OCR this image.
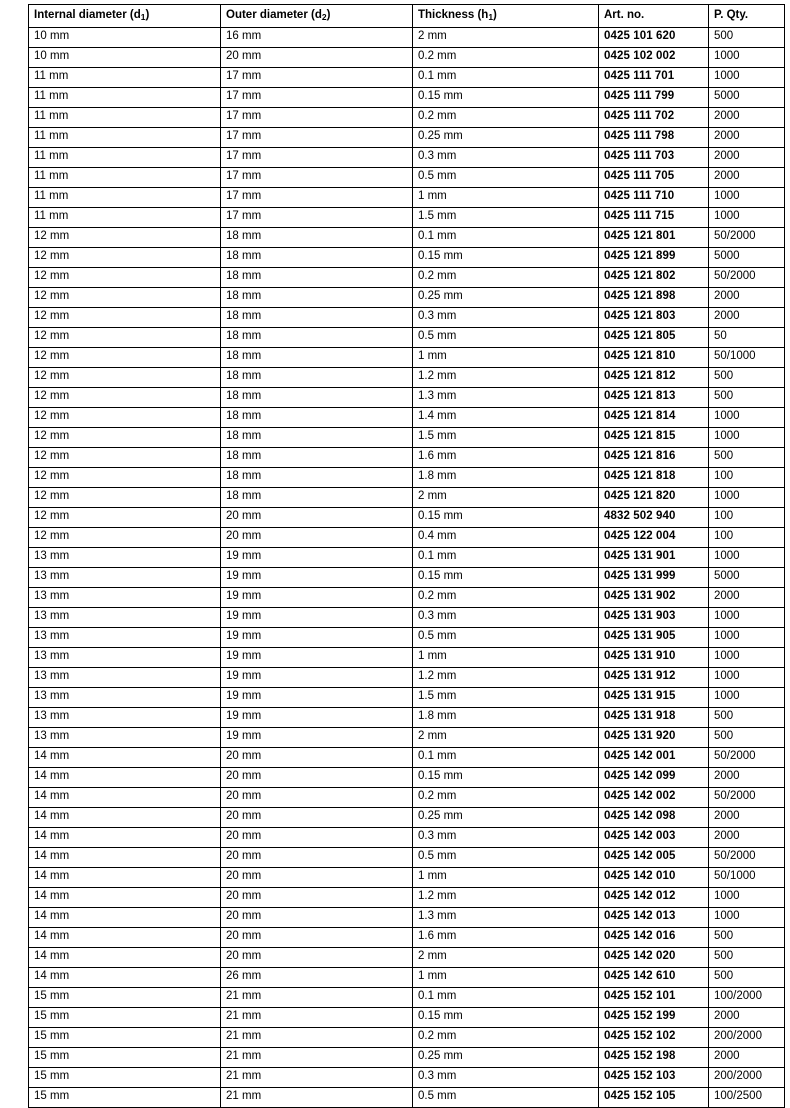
Internal diameter $(d_1)$	Outer diameter $(d_2)$	Thickness $(h_1)$	Art. no.	P. Qty.
10 mm	16 mm	2 mm	0425 101 620	500
10 mm	20 mm	0.2 mm	0425 102 002	1000
11 mm	17 mm	0.1 mm	0425 111 701	1000
11 mm	17 mm	0.15 mm	0425 111 799	5000
11 mm	17 mm	0.2 mm	0425 111 702	2000
11 mm	17 mm	0.25 mm	0425 111 798	2000
11 mm	17 mm	0.3 mm	0425 111 703	2000
11 mm	17 mm	0.5 mm	0425 111 705	2000
11 mm	17 mm	1 mm	0425 111 710	1000
11 mm	17 mm	1.5 mm	0425 111 715	1000
12 mm	18 mm	0.1 mm	0425 121 801	50/2000
12 mm	18 mm	0.15 mm	0425 121 899	5000
12 mm	18 mm	0.2 mm	0425 121 802	50/2000
12 mm	18 mm	0.25 mm	0425 121 898	2000
12 mm	18 mm	0.3 mm	0425 121 803	2000
12 mm	18 mm	0.5 mm	0425 121 805	50
12 mm	18 mm	1 mm	0425 121 810	50/1000
12 mm	18 mm	1.2 mm	0425 121 812	500
12 mm	18 mm	1.3 mm	0425 121 813	500
12 mm	18 mm	1.4 mm	0425 121 814	1000
12 mm	18 mm	1.5 mm	0425 121 815	1000
12 mm	18 mm	1.6 mm	0425 121 816	500
12 mm	18 mm	1.8 mm	0425 121 818	100
12 mm	18 mm	2 mm	0425 121 820	1000
12 mm	20 mm	0.15 mm	4832 502 940	100
12 mm	20 mm	0.4 mm	0425 122 004	100
13 mm	19 mm	0.1 mm	0425 131 901	1000
13 mm	19 mm	0.15 mm	0425 131 999	5000
13 mm	19 mm	0.2 mm	0425 131 902	2000
13 mm	19 mm	0.3 mm	0425 131 903	1000
13 mm	19 mm	0.5 mm	0425 131 905	1000
13 mm	19 mm	1 mm	0425 131 910	1000
13 mm	19 mm	1.2 mm	0425 131 912	1000
13 mm	19 mm	1.5 mm	0425 131 915	1000
13 mm	19 mm	1.8 mm	0425 131 918	500
13 mm	19 mm	2 mm	0425 131 920	500
14 mm	20 mm	0.1 mm	0425 142 001	50/2000
14 mm	20 mm	0.15 mm	0425 142 099	2000
14 mm	20 mm	0.2 mm	0425 142 002	50/2000
14 mm	20 mm	0.25 mm	0425 142 098	2000
14 mm	20 mm	0.3 mm	0425 142 003	2000
14 mm	20 mm	0.5 mm	0425 142 005	50/2000
14 mm	20 mm	1 mm	0425 142 010	50/1000
14 mm	20 mm	1.2 mm	0425 142 012	1000
14 mm	20 mm	1.3 mm	0425 142 013	1000
14 mm	20 mm	1.6 mm	0425 142 016	500
14 mm	20 mm	2 mm	0425 142 020	500
14 mm	26 mm	1 mm	0425 142 610	500
15 mm	21 mm	0.1 mm	0425 152 101	100/2000
15 mm	21 mm	0.15 mm	0425 152 199	2000
15 mm	21 mm	0.2 mm	0425 152 102	200/2000
15 mm	21 mm	0.25 mm	0425 152 198	2000
15 mm	21 mm	0.3 mm	0425 152 103	200/2000
15 mm	21 mm	0.5 mm	0425 152 105	100/2500
